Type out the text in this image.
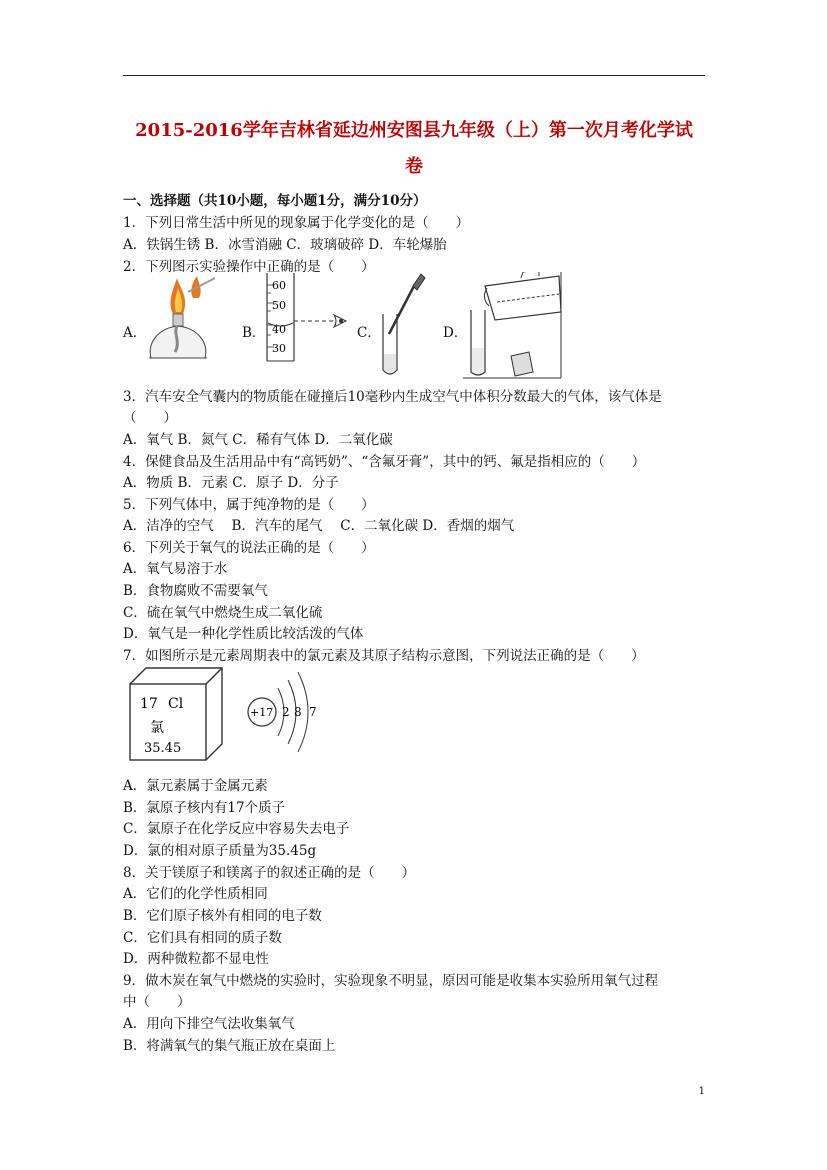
2015-2016学年吉林省延边州安图县九年级（上）第一次月考化学试
卷
一、选择题（共10小题，每小题1分，满分10分）
1．下列日常生活中所见的现象属于化学变化的是（　　）
A．铁锅生锈 B．冰雪消融 C．玻璃破碎 D．车轮爆胎
2．下列图示实验操作中正确的是（　　）
A．	B．
60
50
40
30
C．	D．
3．汽车安全气囊内的物质能在碰撞后10毫秒内生成空气中体积分数最大的气体，该气体是
（　　）
A．氧气 B．氮气 C．稀有气体 D．二氧化碳
4．保健食品及生活用品中有“高钙奶”、“含氟牙膏”，其中的钙、氟是指相应的（　　）
A．物质 B．元素 C．原子 D．分子
5．下列气体中，属于纯净物的是（　　）
A．洁净的空气　 B．汽车的尾气　 C．二氧化碳 D．香烟的烟气
6．下列关于氧气的说法正确的是（　　）
A．氧气易溶于水
B．食物腐败不需要氧气
C．硫在氧气中燃烧生成二氧化硫
D．氧气是一种化学性质比较活泼的气体
7．如图所示是元素周期表中的氯元素及其原子结构示意图，下列说法正确的是（　　）
17 Cl
氯
35.45
+17 2 8 7
A．氯元素属于金属元素
B．氯原子核内有17个质子
C．氯原子在化学反应中容易失去电子
D．氯的相对原子质量为35.45g
8．关于镁原子和镁离子的叙述正确的是（　　）
A．它们的化学性质相同
B．它们原子核外有相同的电子数
C．它们具有相同的质子数
D．两种微粒都不显电性
9．做木炭在氧气中燃烧的实验时，实验现象不明显，原因可能是收集本实验所用氧气过程
中（　　）
A．用向下排空气法收集氧气
B．将满氧气的集气瓶正放在桌面上
1
